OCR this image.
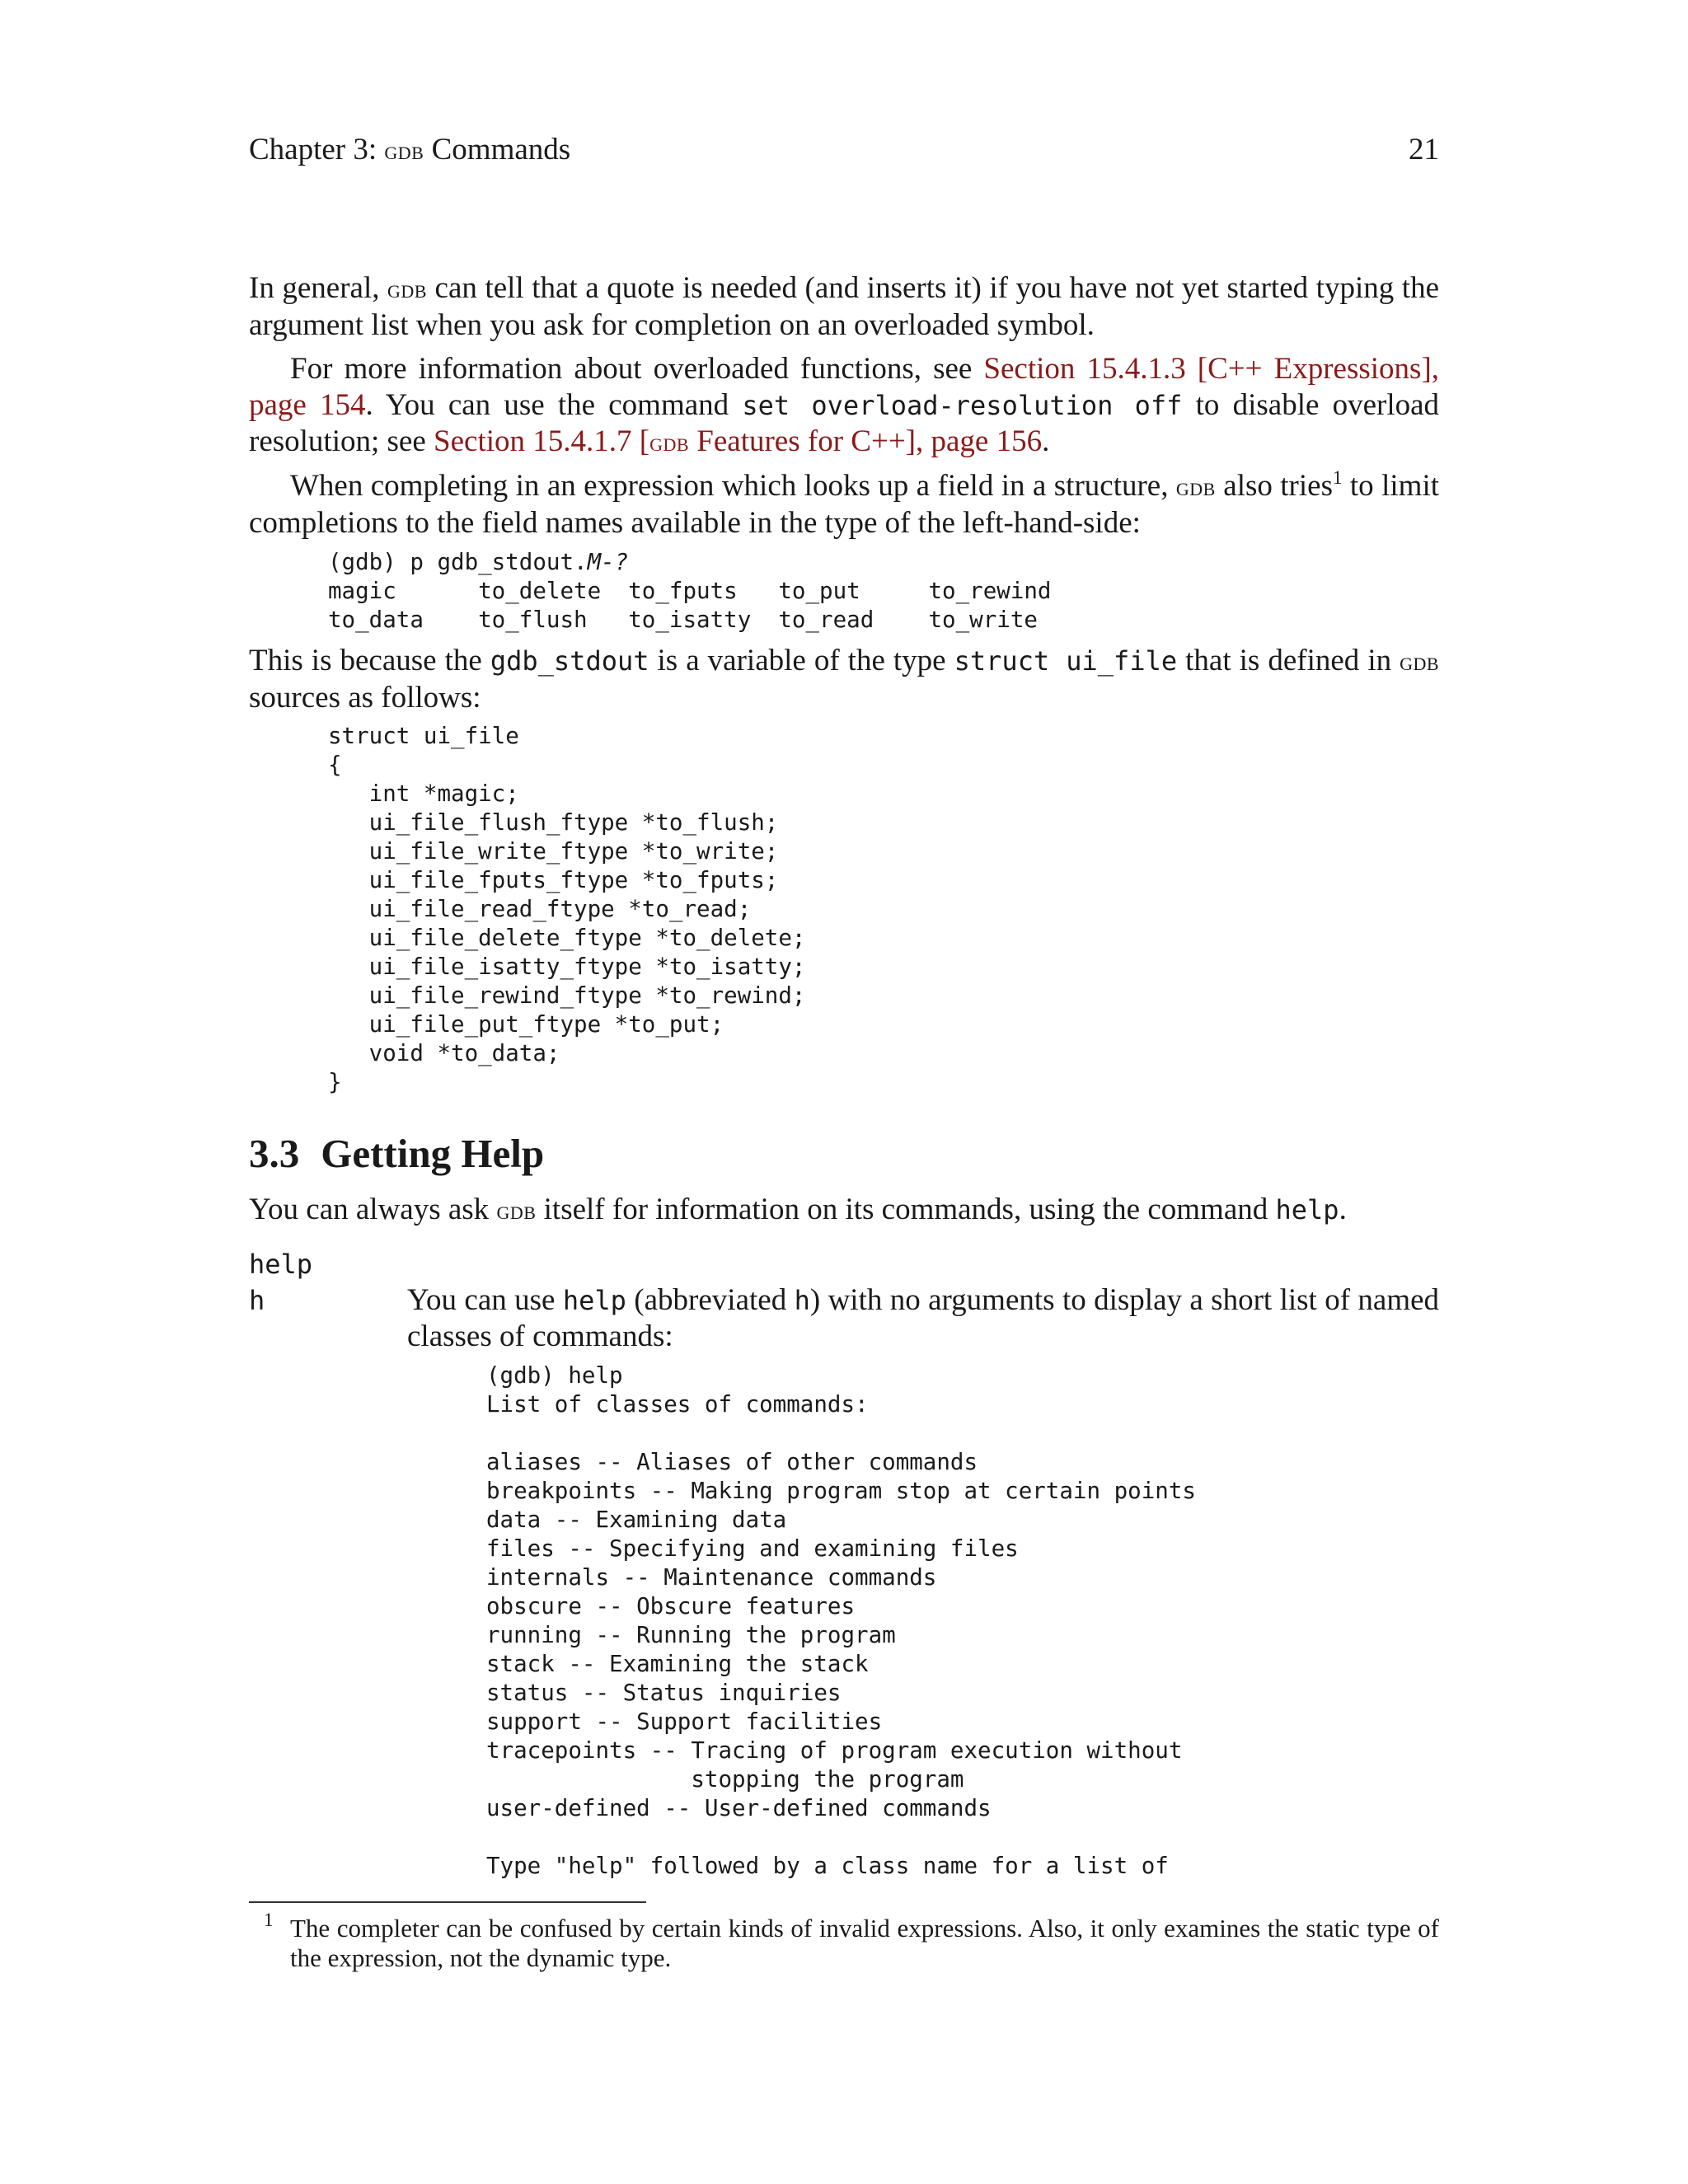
Chapter 3: gdb Commands	21
In general, gdb can tell that a quote is needed (and inserts it) if you have not yet started typing the argument list when you ask for completion on an overloaded symbol.
For more information about overloaded functions, see Section 15.4.1.3 [C++ Expressions], page 154. You can use the command set overload-resolution off to disable overload resolution; see Section 15.4.1.7 [gdb Features for C++], page 156.
When completing in an expression which looks up a field in a structure, gdb also tries$^1$ to limit completions to the field names available in the type of the left-hand-side:
(gdb) p gdb_stdout.M-?
magic      to_delete  to_fputs   to_put     to_rewind
to_data    to_flush   to_isatty  to_read    to_write
This is because the gdb_stdout is a variable of the type struct ui_file that is defined in gdb sources as follows:
struct ui_file
{
int *magic;
ui_file_flush_ftype *to_flush;
ui_file_write_ftype *to_write;
ui_file_fputs_ftype *to_fputs;
ui_file_read_ftype *to_read;
ui_file_delete_ftype *to_delete;
ui_file_isatty_ftype *to_isatty;
ui_file_rewind_ftype *to_rewind;
ui_file_put_ftype *to_put;
void *to_data;
}
3.3 Getting Help
You can always ask gdb itself for information on its commands, using the command help.
help
h	You can use help (abbreviated h) with no arguments to display a short list of named classes of commands:
(gdb) help
List of classes of commands:

aliases -- Aliases of other commands
breakpoints -- Making program stop at certain points
data -- Examining data
files -- Specifying and examining files
internals -- Maintenance commands
obscure -- Obscure features
running -- Running the program
stack -- Examining the stack
status -- Status inquiries
support -- Support facilities
tracepoints -- Tracing of program execution without
stopping the program
user-defined -- User-defined commands

Type "help" followed by a class name for a list of
1 The completer can be confused by certain kinds of invalid expressions. Also, it only examines the static type of the expression, not the dynamic type.
